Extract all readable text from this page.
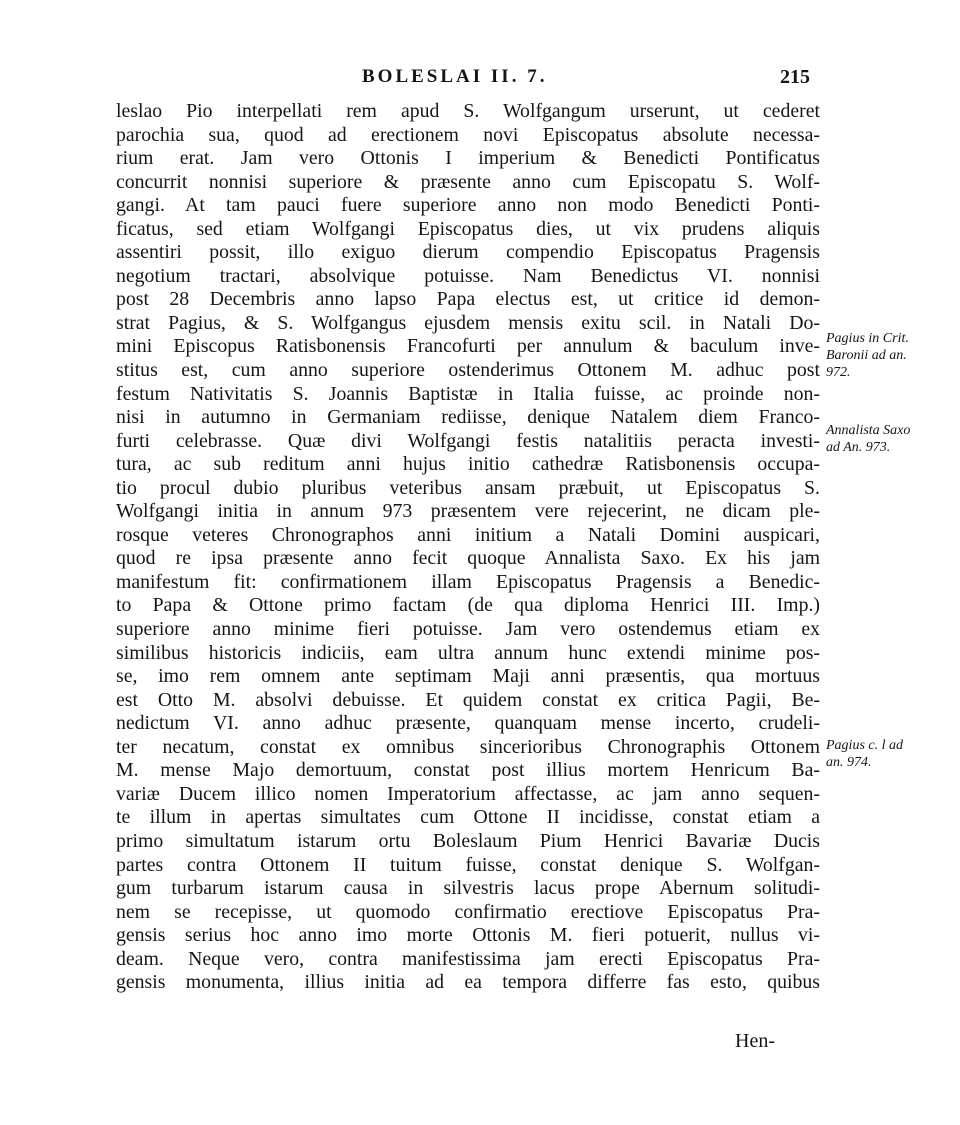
BOLESLAI II. 7.	215
leslao Pio interpellati rem apud S. Wolfgangum urserunt, ut cederet
parochia sua, quod ad erectionem novi Episcopatus absolute necessa-
rium erat. Jam vero Ottonis I imperium & Benedicti Pontificatus
concurrit nonnisi superiore & præsente anno cum Episcopatu S. Wolf-
gangi. At tam pauci fuere superiore anno non modo Benedicti Ponti-
ficatus, sed etiam Wolfgangi Episcopatus dies, ut vix prudens aliquis
assentiri possit, illo exiguo dierum compendio Episcopatus Pragensis
negotium tractari, absolvique potuisse. Nam Benedictus VI. nonnisi
post 28 Decembris anno lapso Papa electus est, ut critice id demon-
strat Pagius, & S. Wolfgangus ejusdem mensis exitu scil. in Natali Do-
mini Episcopus Ratisbonensis Francofurti per annulum & baculum inve-
stitus est, cum anno superiore ostenderimus Ottonem M. adhuc post
festum Nativitatis S. Joannis Baptistæ in Italia fuisse, ac proinde non-
nisi in autumno in Germaniam rediisse, denique Natalem diem Franco-
furti celebrasse. Quæ divi Wolfgangi festis natalitiis peracta investi-
tura, ac sub reditum anni hujus initio cathedræ Ratisbonensis occupa-
tio procul dubio pluribus veteribus ansam præbuit, ut Episcopatus S.
Wolfgangi initia in annum 973 præsentem vere rejecerint, ne dicam ple-
rosque veteres Chronographos anni initium a Natali Domini auspicari,
quod re ipsa præsente anno fecit quoque Annalista Saxo. Ex his jam
manifestum fit: confirmationem illam Episcopatus Pragensis a Benedic-
to Papa & Ottone primo factam (de qua diploma Henrici III. Imp.)
superiore anno minime fieri potuisse. Jam vero ostendemus etiam ex
similibus historicis indiciis, eam ultra annum hunc extendi minime pos-
se, imo rem omnem ante septimam Maji anni præsentis, qua mortuus
est Otto M. absolvi debuisse. Et quidem constat ex critica Pagii, Be-
nedictum VI. anno adhuc præsente, quanquam mense incerto, crudeli-
ter necatum, constat ex omnibus sincerioribus Chronographis Ottonem
M. mense Majo demortuum, constat post illius mortem Henricum Ba-
variæ Ducem illico nomen Imperatorium affectasse, ac jam anno sequen-
te illum in apertas simultates cum Ottone II incidisse, constat etiam a
primo simultatum istarum ortu Boleslaum Pium Henrici Bavariæ Ducis
partes contra Ottonem II tuitum fuisse, constat denique S. Wolfgan-
gum turbarum istarum causa in silvestris lacus prope Abernum solitudi-
nem se recepisse, ut quomodo confirmatio erectiove Episcopatus Pra-
gensis serius hoc anno imo morte Ottonis M. fieri potuerit, nullus vi-
deam. Neque vero, contra manifestissima jam erecti Episcopatus Pra-
gensis monumenta, illius initia ad ea tempora differre fas esto, quibus
Hen-
Pagius in Crit.
Baronii ad an.
972.
Annalista Saxo
ad An. 973.
Pagius c. l ad
an. 974.
